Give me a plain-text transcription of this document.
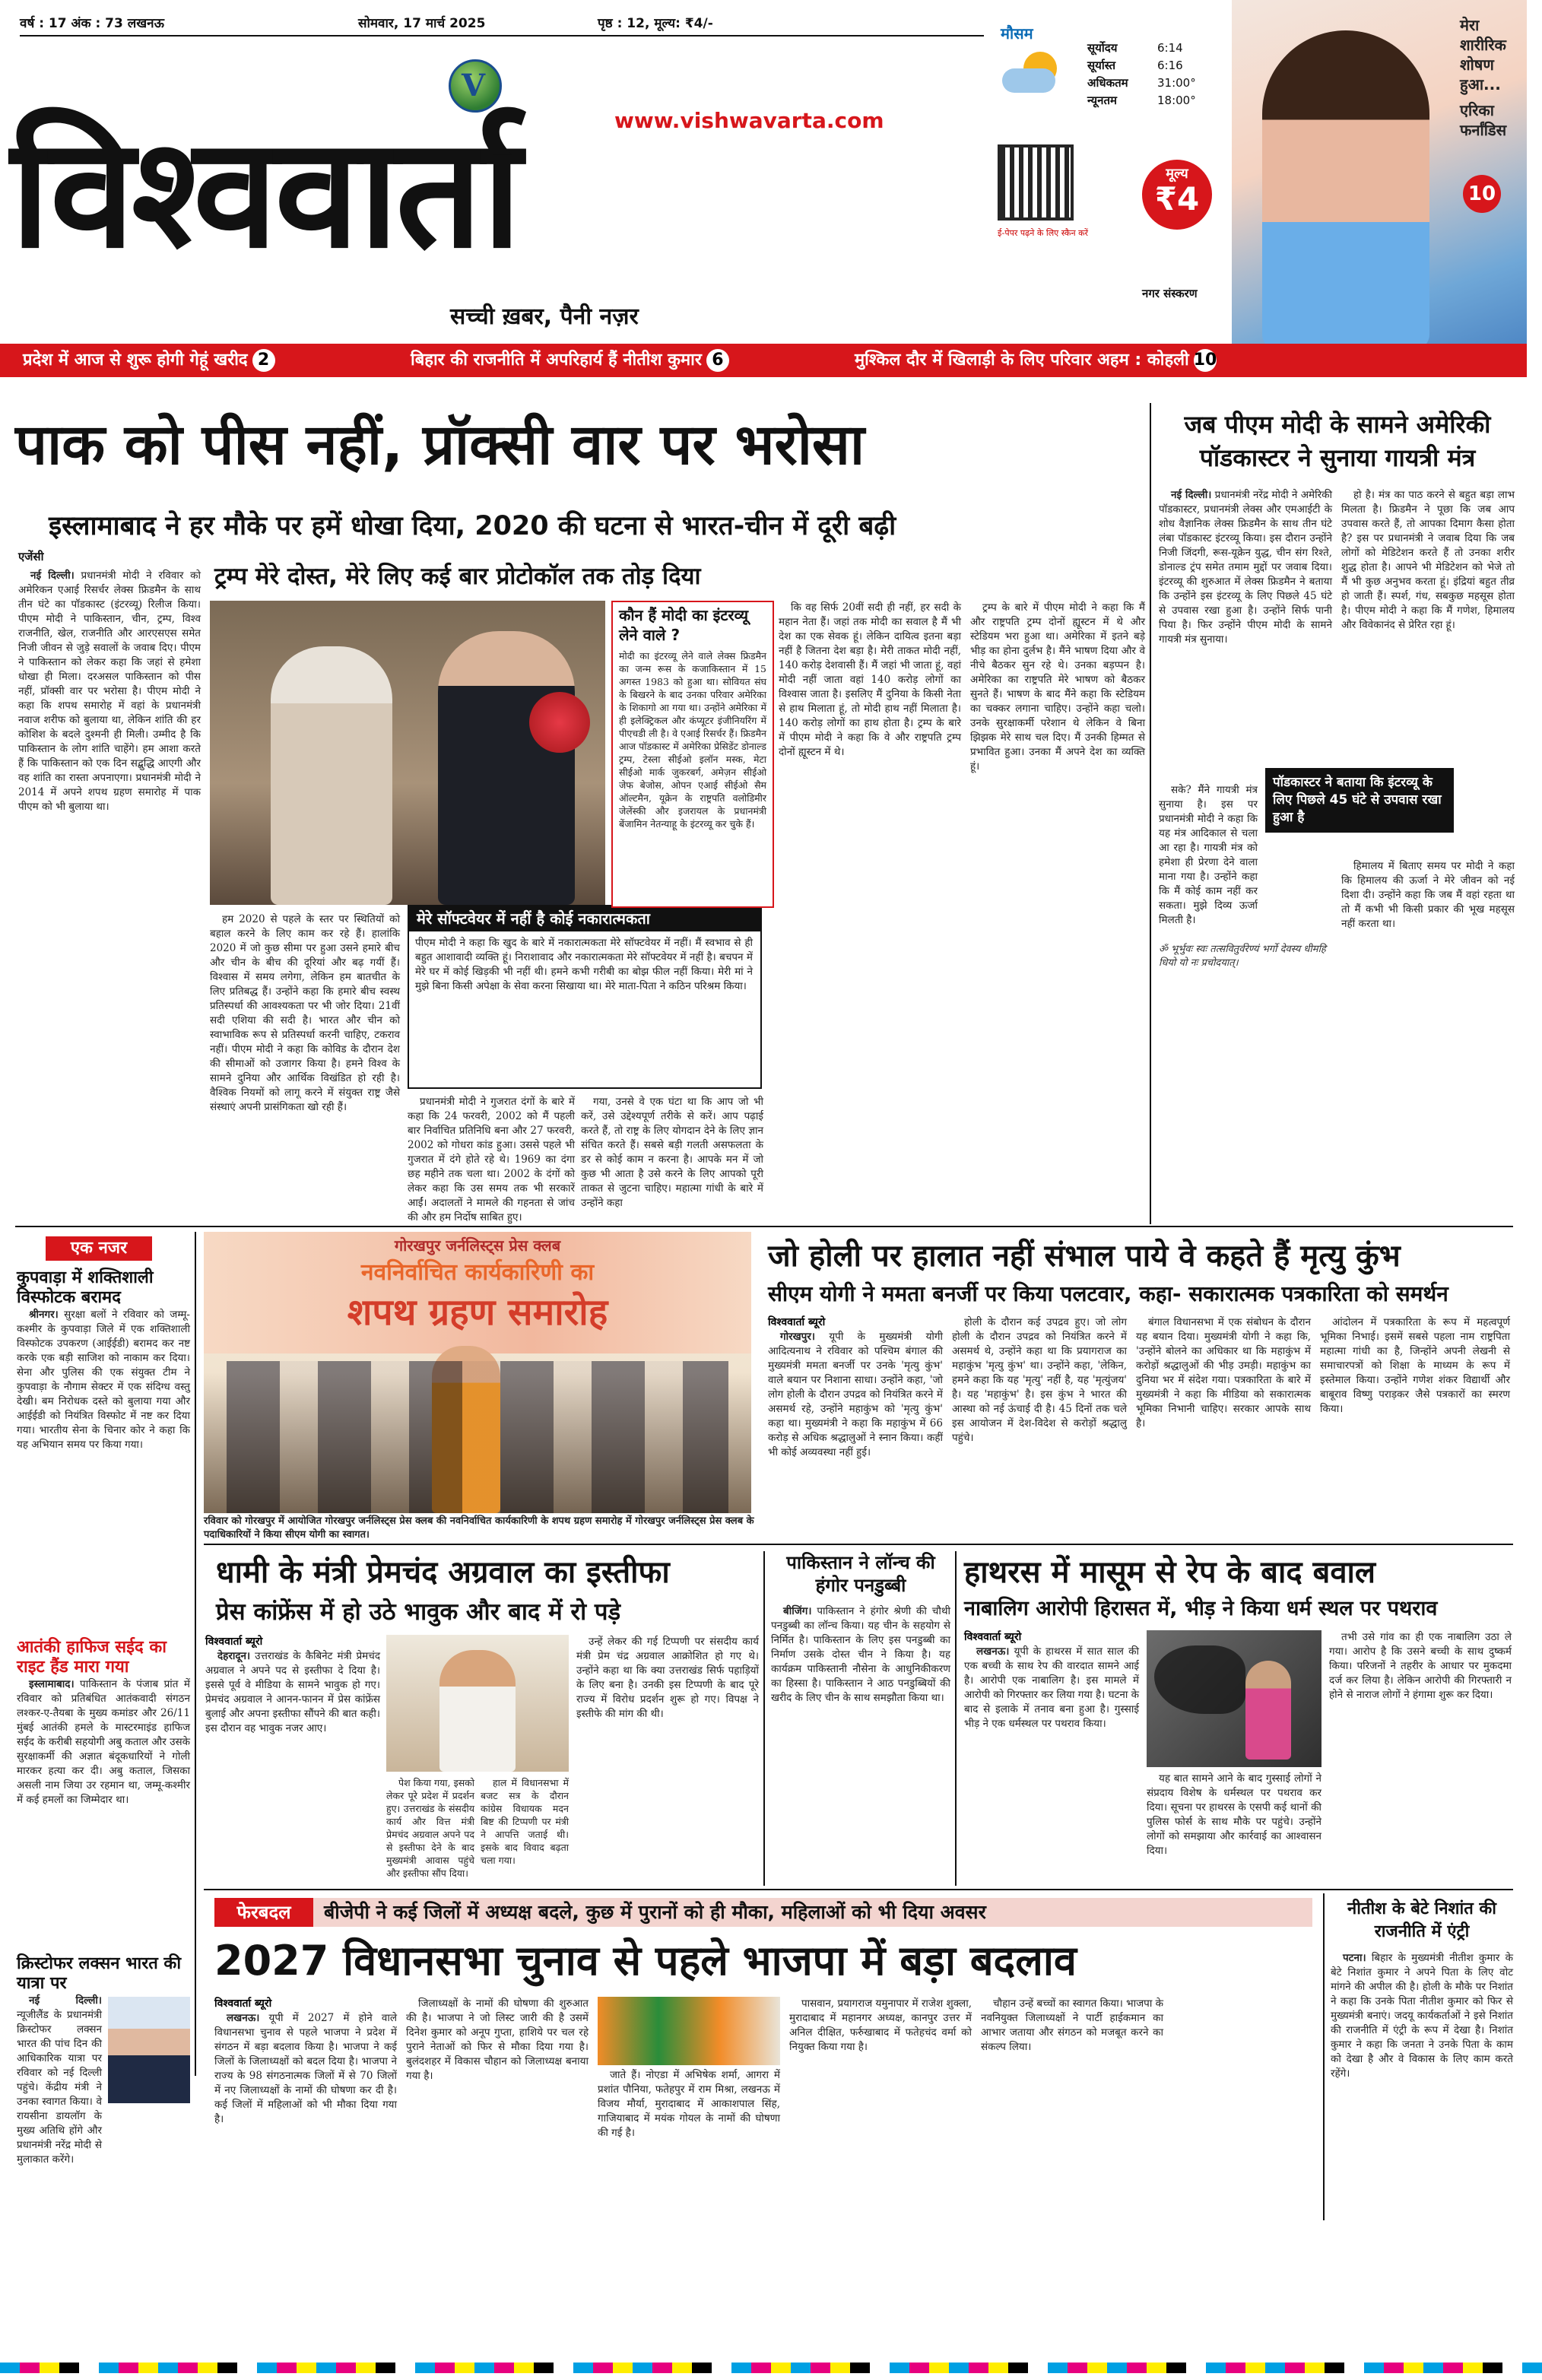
वर्ष : 17 अंक : 73 लखनऊ	सोमवार, 17 मार्च 2025	पृष्ठ : 12, मूल्य: ₹4/-
V
www.vishwavarta.com
विश्ववार्ता
सच्ची ख़बर, पैनी नज़र
मौसम
सूर्योदय	6:14
सूर्यास्त	6:16
अधिकतम	31:00°
न्यूनतम	18:00°
ई-पेपर पढ़ने के लिए स्कैन करें
मूल्य
₹4
नगर संस्करण
मेरा
शारीरिक
शोषण
हुआ...
एरिका
फर्नांडिस
10
प्रदेश में आज से शुरू होगी गेहूं खरीद 2	बिहार की राजनीति में अपरिहार्य हैं नीतीश कुमार 6	मुश्किल दौर में खिलाड़ी के लिए परिवार अहम : कोहली 10
पाक को पीस नहीं, प्रॉक्सी वार पर भरोसा
इस्लामाबाद ने हर मौके पर हमें धोखा दिया, 2020 की घटना से भारत-चीन में दूरी बढ़ी
एजेंसी
ट्रम्प मेरे दोस्त, मेरे लिए कई बार प्रोटोकॉल तक तोड़ दिया

नई दिल्ली। प्रधानमंत्री मोदी ने रविवार को अमेरिकन एआई रिसर्चर लेक्स फ्रिडमैन के साथ तीन घंटे का पॉडकास्ट (इंटरव्यू) रिलीज किया। पीएम मोदी ने पाकिस्तान, चीन, ट्रम्प, विश्व राजनीति, खेल, राजनीति और आरएसएस समेत निजी जीवन से जुड़े सवालों के जवाब दिए। पीएम ने पाकिस्तान को लेकर कहा कि जहां से हमेशा धोखा ही मिला। दरअसल पाकिस्तान को पीस नहीं, प्रॉक्सी वार पर भरोसा है। पीएम मोदी ने कहा कि शपथ समारोह में वहां के प्रधानमंत्री नवाज शरीफ को बुलाया था, लेकिन शांति की हर कोशिश के बदले दुश्मनी ही मिली। उम्मीद है कि पाकिस्तान के लोग शांति चाहेंगे। हम आशा करते हैं कि पाकिस्तान को एक दिन सद्बुद्धि आएगी और वह शांति का रास्ता अपनाएगा। प्रधानमंत्री मोदी ने 2014 में अपने शपथ ग्रहण समारोह में पाक पीएम को भी बुलाया था।

हम 2020 से पहले के स्तर पर स्थितियों को बहाल करने के लिए काम कर रहे हैं। हालांकि 2020 में जो कुछ सीमा पर हुआ उसने हमारे बीच और चीन के बीच की दूरियां और बढ़ गयीं हैं। विश्वास में समय लगेगा, लेकिन हम बातचीत के लिए प्रतिबद्ध हैं। उन्होंने कहा कि हमारे बीच स्वस्थ प्रतिस्पर्धा की आवश्यकता पर भी जोर दिया। 21वीं सदी एशिया की सदी है। भारत और चीन को स्वाभाविक रूप से प्रतिस्पर्धा करनी चाहिए, टकराव नहीं। पीएम मोदी ने कहा कि कोविड के दौरान देश की सीमाओं को उजागर किया है। हमने विश्व के सामने दुनिया और आर्थिक विखंडित हो रही है। वैश्विक नियमों को लागू करने में संयुक्त राष्ट्र जैसे संस्थाएं अपनी प्रासंगिकता खो रही हैं।

मेरे सॉफ्टवेयर में नहीं है कोई नकारात्मकता
पीएम मोदी ने कहा कि खुद के बारे में नकारात्मकता मेरे सॉफ्टवेयर में नहीं। मैं स्वभाव से ही बहुत आशावादी व्यक्ति हूं। निराशावाद और नकारात्मकता मेरे सॉफ्टवेयर में नहीं है। बचपन में मेरे घर में कोई खिड़की भी नहीं थी। हमने कभी गरीबी का बोझ फील नहीं किया। मेरी मां ने मुझे बिना किसी अपेक्षा के सेवा करना सिखाया था। मेरे माता-पिता ने कठिन परिश्रम किया।

प्रधानमंत्री मोदी ने गुजरात दंगों के बारे में कहा कि 24 फरवरी, 2002 को मैं पहली बार निर्वाचित प्रतिनिधि बना और 27 फरवरी, 2002 को गोधरा कांड हुआ। उससे पहले भी गुजरात में दंगे होते रहे थे। 1969 का दंगा छह महीने तक चला था। 2002 के दंगों को लेकर कहा कि उस समय तक भी सरकारें आईं। अदालतों ने मामले की गहनता से जांच की और हम निर्दोष साबित हुए।

कौन हैं मोदी का इंटरव्यू लेने वाले ?
मोदी का इंटरव्यू लेने वाले लेक्स फ्रिडमैन का जन्म रूस के कजाकिस्तान में 15 अगस्त 1983 को हुआ था। सोवियत संघ के बिखरने के बाद उनका परिवार अमेरिका के शिकागो आ गया था। उन्होंने अमेरिका में ही इलेक्ट्रिकल और कंप्यूटर इंजीनियरिंग में पीएचडी ली है। वे एआई रिसर्चर हैं। फ्रिडमैन आज पॉडकास्ट में अमेरिका प्रेसिडेंट डोनाल्ड ट्रम्प, टेस्ला सीईओ इलॉन मस्क, मेटा सीईओ मार्क जुकरबर्ग, अमेज़न सीईओ जेफ बेजोस, ओपन एआई सीईओ सैम ऑल्टमैन, यूक्रेन के राष्ट्रपति वलोडिमीर जेलेंस्की और इजरायल के प्रधानमंत्री बेंजामिन नेतन्याहू के इंटरव्यू कर चुके हैं।

गया, उनसे वे एक घंटा था कि आप जो भी करें, उसे उद्देश्यपूर्ण तरीके से करें। आप पढ़ाई करते हैं, तो राष्ट्र के लिए योगदान देने के लिए ज्ञान संचित करते हैं। सबसे बड़ी गलती असफलता के डर से कोई काम न करना है। आपके मन में जो कुछ भी आता है उसे करने के लिए आपको पूरी ताकत से जुटना चाहिए। महात्मा गांधी के बारे में उन्होंने कहा

कि वह सिर्फ 20वीं सदी ही नहीं, हर सदी के महान नेता हैं। जहां तक मोदी का सवाल है मैं भी देश का एक सेवक हूं। लेकिन दायित्व इतना बड़ा नहीं है जितना देश बड़ा है। मेरी ताकत मोदी नहीं, 140 करोड़ देशवासी हैं। मैं जहां भी जाता हूं, वहां मोदी नहीं जाता वहां 140 करोड़ लोगों का विश्वास जाता है। इसलिए मैं दुनिया के किसी नेता से हाथ मिलाता हूं, तो मोदी हाथ नहीं मिलाता है। 140 करोड़ लोगों का हाथ होता है। ट्रम्प के बारे में पीएम मोदी ने कहा कि वे और राष्ट्रपति ट्रम्प दोनों ह्यूस्टन में थे।

ट्रम्प के बारे में पीएम मोदी ने कहा कि मैं और राष्ट्रपति ट्रम्प दोनों ह्यूस्टन में थे और स्टेडियम भरा हुआ था। अमेरिका में इतने बड़े भीड़ का होना दुर्लभ है। मैंने भाषण दिया और वे नीचे बैठकर सुन रहे थे। उनका बड़प्पन है। अमेरिका का राष्ट्रपति मेरे भाषण को बैठकर सुनते हैं। भाषण के बाद मैंने कहा कि स्टेडियम का चक्कर लगाना चाहिए। उन्होंने कहा चलो। उनके सुरक्षाकर्मी परेशान थे लेकिन वे बिना झिझक मेरे साथ चल दिए। मैं उनकी हिम्मत से प्रभावित हुआ। उनका मैं अपने देश का व्यक्ति हूं।

जब पीएम मोदी के सामने अमेरिकी पॉडकास्टर ने सुनाया गायत्री मंत्र

नई दिल्ली। प्रधानमंत्री नरेंद्र मोदी ने अमेरिकी पॉडकास्टर, प्रधानमंत्री लेक्स और एमआईटी के शोध वैज्ञानिक लेक्स फ्रिडमैन के साथ तीन घंटे लंबा पॉडकास्ट इंटरव्यू किया। इस दौरान उन्होंने निजी जिंदगी, रूस-यूक्रेन युद्ध, चीन संग रिश्ते, डोनाल्ड ट्रंप समेत तमाम मुद्दों पर जवाब दिया। इंटरव्यू की शुरुआत में लेक्स फ्रिडमैन ने बताया कि उन्होंने इस इंटरव्यू के लिए पिछले 45 घंटे से उपवास रखा हुआ है। उन्होंने सिर्फ पानी पिया है। फिर उन्होंने पीएम मोदी के सामने गायत्री मंत्र सुनाया।

हो है। मंत्र का पाठ करने से बहुत बड़ा लाभ मिलता है। फ्रिडमैन ने पूछा कि जब आप उपवास करते हैं, तो आपका दिमाग कैसा होता है? इस पर प्रधानमंत्री ने जवाब दिया कि जब लोगों को मेडिटेशन करते हैं तो उनका शरीर शुद्ध होता है। आपने भी मेडिटेशन को भेजे तो मैं भी कुछ अनुभव करता हूं। इंद्रियां बहुत तीव्र हो जाती हैं। स्पर्श, गंध, सबकुछ महसूस होता है। पीएम मोदी ने कहा कि मैं गणेश, हिमालय और विवेकानंद से प्रेरित रहा हूं।

पॉडकास्टर ने बताया कि इंटरव्यू के लिए पिछले 45 घंटे से उपवास रखा हुआ है

सके? मैंने गायत्री मंत्र सुनाया है। इस पर प्रधानमंत्री मोदी ने कहा कि यह मंत्र आदिकाल से चला आ रहा है। गायत्री मंत्र को हमेशा ही प्रेरणा देने वाला माना गया है। उन्होंने कहा कि मैं कोई काम नहीं कर सकता। मुझे दिव्य ऊर्जा मिलती है।

ॐ भूर्भुवः स्वः तत्सवितुर्वरेण्यं भर्गो देवस्य धीमहि धियो यो नः प्रचोदयात्।

हिमालय में बिताए समय पर मोदी ने कहा कि हिमालय की ऊर्जा ने मेरे जीवन को नई दिशा दी। उन्होंने कहा कि जब मैं वहां रहता था तो मैं कभी भी किसी प्रकार की भूख महसूस नहीं करता था।

एक नजर
कुपवाड़ा में शक्तिशाली विस्फोटक बरामद

श्रीनगर। सुरक्षा बलों ने रविवार को जम्मू-कश्मीर के कुपवाड़ा जिले में एक शक्तिशाली विस्फोटक उपकरण (आईईडी) बरामद कर नष्ट करके एक बड़ी साजिश को नाकाम कर दिया। सेना और पुलिस की एक संयुक्त टीम ने कुपवाड़ा के नौगाम सेक्टर में एक संदिग्ध वस्तु देखी। बम निरोधक दस्ते को बुलाया गया और आईईडी को नियंत्रित विस्फोट में नष्ट कर दिया गया। भारतीय सेना के चिनार कोर ने कहा कि यह अभियान समय पर किया गया।

आतंकी हाफिज सईद का राइट हैंड मारा गया

इस्लामाबाद। पाकिस्तान के पंजाब प्रांत में रविवार को प्रतिबंधित आतंकवादी संगठन लश्कर-ए-तैयबा के मुख्य कमांडर और 26/11 मुंबई आतंकी हमले के मास्टरमाइंड हाफिज सईद के करीबी सहयोगी अबु कताल और उसके सुरक्षाकर्मी की अज्ञात बंदूकधारियों ने गोली मारकर हत्या कर दी। अबु कताल, जिसका असली नाम जिया उर रहमान था, जम्मू-कश्मीर में कई हमलों का जिम्मेदार था।

क्रिस्टोफर लक्सन भारत की यात्रा पर

नई दिल्ली। न्यूजीलैंड के प्रधानमंत्री क्रिस्टोफर लक्सन भारत की पांच दिन की आधिकारिक यात्रा पर रविवार को नई दिल्ली पहुंचे। केंद्रीय मंत्री ने उनका स्वागत किया। वे रायसीना डायलॉग के मुख्य अतिथि होंगे और प्रधानमंत्री नरेंद्र मोदी से मुलाकात करेंगे।

गोरखपुर जर्नलिस्ट्स प्रेस क्लब
नवनिर्वाचित कार्यकारिणी का
शपथ ग्रहण समारोह
रविवार को गोरखपुर में आयोजित गोरखपुर जर्नलिस्ट्स प्रेस क्लब की नवनिर्वाचित कार्यकारिणी के शपथ ग्रहण समारोह में गोरखपुर जर्नलिस्ट्स प्रेस क्लब के पदाधिकारियों ने किया सीएम योगी का स्वागत।
जो होली पर हालात नहीं संभाल पाये वे कहते हैं मृत्यु कुंभ
सीएम योगी ने ममता बनर्जी पर किया पलटवार, कहा- सकारात्मक पत्रकारिता को समर्थन
विश्ववार्ता ब्यूरो

गोरखपुर। यूपी के मुख्यमंत्री योगी आदित्यनाथ ने रविवार को पश्चिम बंगाल की मुख्यमंत्री ममता बनर्जी पर उनके 'मृत्यु कुंभ' वाले बयान पर निशाना साधा। उन्होंने कहा, 'जो लोग होली के दौरान उपद्रव को नियंत्रित करने में असमर्थ रहे, उन्होंने महाकुंभ को 'मृत्यु कुंभ' कहा था। मुख्यमंत्री ने कहा कि महाकुंभ में 66 करोड़ से अधिक श्रद्धालुओं ने स्नान किया। कहीं भी कोई अव्यवस्था नहीं हुई।

होली के दौरान कई उपद्रव हुए। जो लोग होली के दौरान उपद्रव को नियंत्रित करने में असमर्थ थे, उन्होंने कहा था कि प्रयागराज का महाकुंभ 'मृत्यु कुंभ' था। उन्होंने कहा, 'लेकिन, हमने कहा कि यह 'मृत्यु' नहीं है, यह 'मृत्युंजय' है। यह 'महाकुंभ' है। इस कुंभ ने भारत की आस्था को नई ऊंचाई दी है। 45 दिनों तक चले इस आयोजन में देश-विदेश से करोड़ों श्रद्धालु पहुंचे।

बंगाल विधानसभा में एक संबोधन के दौरान यह बयान दिया। मुख्यमंत्री योगी ने कहा कि, 'उन्होंने बोलने का अधिकार था कि महाकुंभ में करोड़ों श्रद्धालुओं की भीड़ उमड़ी। महाकुंभ का दुनिया भर में संदेश गया। पत्रकारिता के बारे में मुख्यमंत्री ने कहा कि मीडिया को सकारात्मक भूमिका निभानी चाहिए। सरकार आपके साथ है।

आंदोलन में पत्रकारिता के रूप में महत्वपूर्ण भूमिका निभाई। इसमें सबसे पहला नाम राष्ट्रपिता महात्मा गांधी का है, जिन्होंने अपनी लेखनी से समाचारपत्रों को शिक्षा के माध्यम के रूप में इस्तेमाल किया। उन्होंने गणेश शंकर विद्यार्थी और बाबूराव विष्णु पराड़कर जैसे पत्रकारों का स्मरण किया।

धामी के मंत्री प्रेमचंद अग्रवाल का इस्तीफा
प्रेस कांफ्रेंस में हो उठे भावुक और बाद में रो पड़े
विश्ववार्ता ब्यूरो

देहरादून। उत्तराखंड के कैबिनेट मंत्री प्रेमचंद अग्रवाल ने अपने पद से इस्तीफा दे दिया है। इससे पूर्व वे मीडिया के सामने भावुक हो गए। प्रेमचंद अग्रवाल ने आनन-फानन में प्रेस कांफ्रेंस बुलाई और अपना इस्तीफा सौंपने की बात कही। इस दौरान वह भावुक नजर आए।

उन्हें लेकर की गई टिप्पणी पर संसदीय कार्य मंत्री प्रेम चंद्र अग्रवाल आक्रोशित हो गए थे। उन्होंने कहा था कि क्या उत्तराखंड सिर्फ पहाड़ियों के लिए बना है। उनकी इस टिप्पणी के बाद पूरे राज्य में विरोध प्रदर्शन शुरू हो गए। विपक्ष ने इस्तीफे की मांग की थी।

पेश किया गया, इसको लेकर पूरे प्रदेश में प्रदर्शन हुए। उत्तराखंड के संसदीय कार्य और वित्त मंत्री प्रेमचंद अग्रवाल अपने पद से इस्तीफा देने के बाद मुख्यमंत्री आवास पहुंचे और इस्तीफा सौंप दिया।

हाल में विधानसभा में बजट सत्र के दौरान कांग्रेस विधायक मदन बिष्ट की टिप्पणी पर मंत्री ने आपत्ति जताई थी। इसके बाद विवाद बढ़ता चला गया।

पाकिस्तान ने लॉन्च की हंगोर पनडुब्बी

बीजिंग। पाकिस्तान ने हंगोर श्रेणी की चौथी पनडुब्बी का लॉन्च किया। यह चीन के सहयोग से निर्मित है। पाकिस्तान के लिए इस पनडुब्बी का निर्माण उसके दोस्त चीन ने किया है। यह कार्यक्रम पाकिस्तानी नौसेना के आधुनिकीकरण का हिस्सा है। पाकिस्तान ने आठ पनडुब्बियों की खरीद के लिए चीन के साथ समझौता किया था।

हाथरस में मासूम से रेप के बाद बवाल
नाबालिग आरोपी हिरासत में, भीड़ ने किया धर्म स्थल पर पथराव
विश्ववार्ता ब्यूरो

लखनऊ। यूपी के हाथरस में सात साल की एक बच्ची के साथ रेप की वारदात सामने आई है। आरोपी एक नाबालिग है। इस मामले में आरोपी को गिरफ्तार कर लिया गया है। घटना के बाद से इलाके में तनाव बना हुआ है। गुस्साई भीड़ ने एक धर्मस्थल पर पथराव किया।

यह बात सामने आने के बाद गुस्साई लोगों ने संप्रदाय विशेष के धर्मस्थल पर पथराव कर दिया। सूचना पर हाथरस के एसपी कई थानों की पुलिस फोर्स के साथ मौके पर पहुंचे। उन्होंने लोगों को समझाया और कार्रवाई का आश्वासन दिया।

तभी उसे गांव का ही एक नाबालिग उठा ले गया। आरोप है कि उसने बच्ची के साथ दुष्कर्म किया। परिजनों ने तहरीर के आधार पर मुकदमा दर्ज कर लिया है। लेकिन आरोपी की गिरफ्तारी न होने से नाराज लोगों ने हंगामा शुरू कर दिया।

फेरबदल	बीजेपी ने कई जिलों में अध्यक्ष बदले, कुछ में पुरानों को ही मौका, महिलाओं को भी दिया अवसर
2027 विधानसभा चुनाव से पहले भाजपा में बड़ा बदलाव
विश्ववार्ता ब्यूरो

लखनऊ। यूपी में 2027 में होने वाले विधानसभा चुनाव से पहले भाजपा ने प्रदेश में संगठन में बड़ा बदलाव किया है। भाजपा ने कई जिलों के जिलाध्यक्षों को बदल दिया है। भाजपा ने राज्य के 98 संगठनात्मक जिलों में से 70 जिलों में नए जिलाध्यक्षों के नामों की घोषणा कर दी है। कई जिलों में महिलाओं को भी मौका दिया गया है।

जिलाध्यक्षों के नामों की घोषणा की शुरुआत की है। भाजपा ने जो लिस्ट जारी की है उसमें दिनेश कुमार को अनूप गुप्ता, हाशिये पर चल रहे पुराने नेताओं को फिर से मौका दिया गया है। बुलंदशहर में विकास चौहान को जिलाध्यक्ष बनाया गया है।	जाते हैं। नोएडा में अभिषेक शर्मा, आगरा में प्रशांत पौनिया, फतेहपुर में राम मिश्रा, लखनऊ में विजय मौर्या, मुरादाबाद में आकाशपाल सिंह, गाजियाबाद में मयंक गोयल के नामों की घोषणा की गई है।

पासवान, प्रयागराज यमुनापार में राजेश शुक्ला, मुरादाबाद में महानगर अध्यक्ष, कानपुर उत्तर में अनिल दीक्षित, फर्रुखाबाद में फतेहचंद वर्मा को नियुक्त किया गया है।

चौहान उन्हें बच्चों का स्वागत किया। भाजपा के नवनियुक्त जिलाध्यक्षों ने पार्टी हाईकमान का आभार जताया और संगठन को मजबूत करने का संकल्प लिया।

नीतीश के बेटे निशांत की राजनीति में एंट्री

पटना। बिहार के मुख्यमंत्री नीतीश कुमार के बेटे निशांत कुमार ने अपने पिता के लिए वोट मांगने की अपील की है। होली के मौके पर निशांत ने कहा कि उनके पिता नीतीश कुमार को फिर से मुख्यमंत्री बनाएं। जदयू कार्यकर्ताओं ने इसे निशांत की राजनीति में एंट्री के रूप में देखा है। निशांत कुमार ने कहा कि जनता ने उनके पिता के काम को देखा है और वे विकास के लिए काम करते रहेंगे।
